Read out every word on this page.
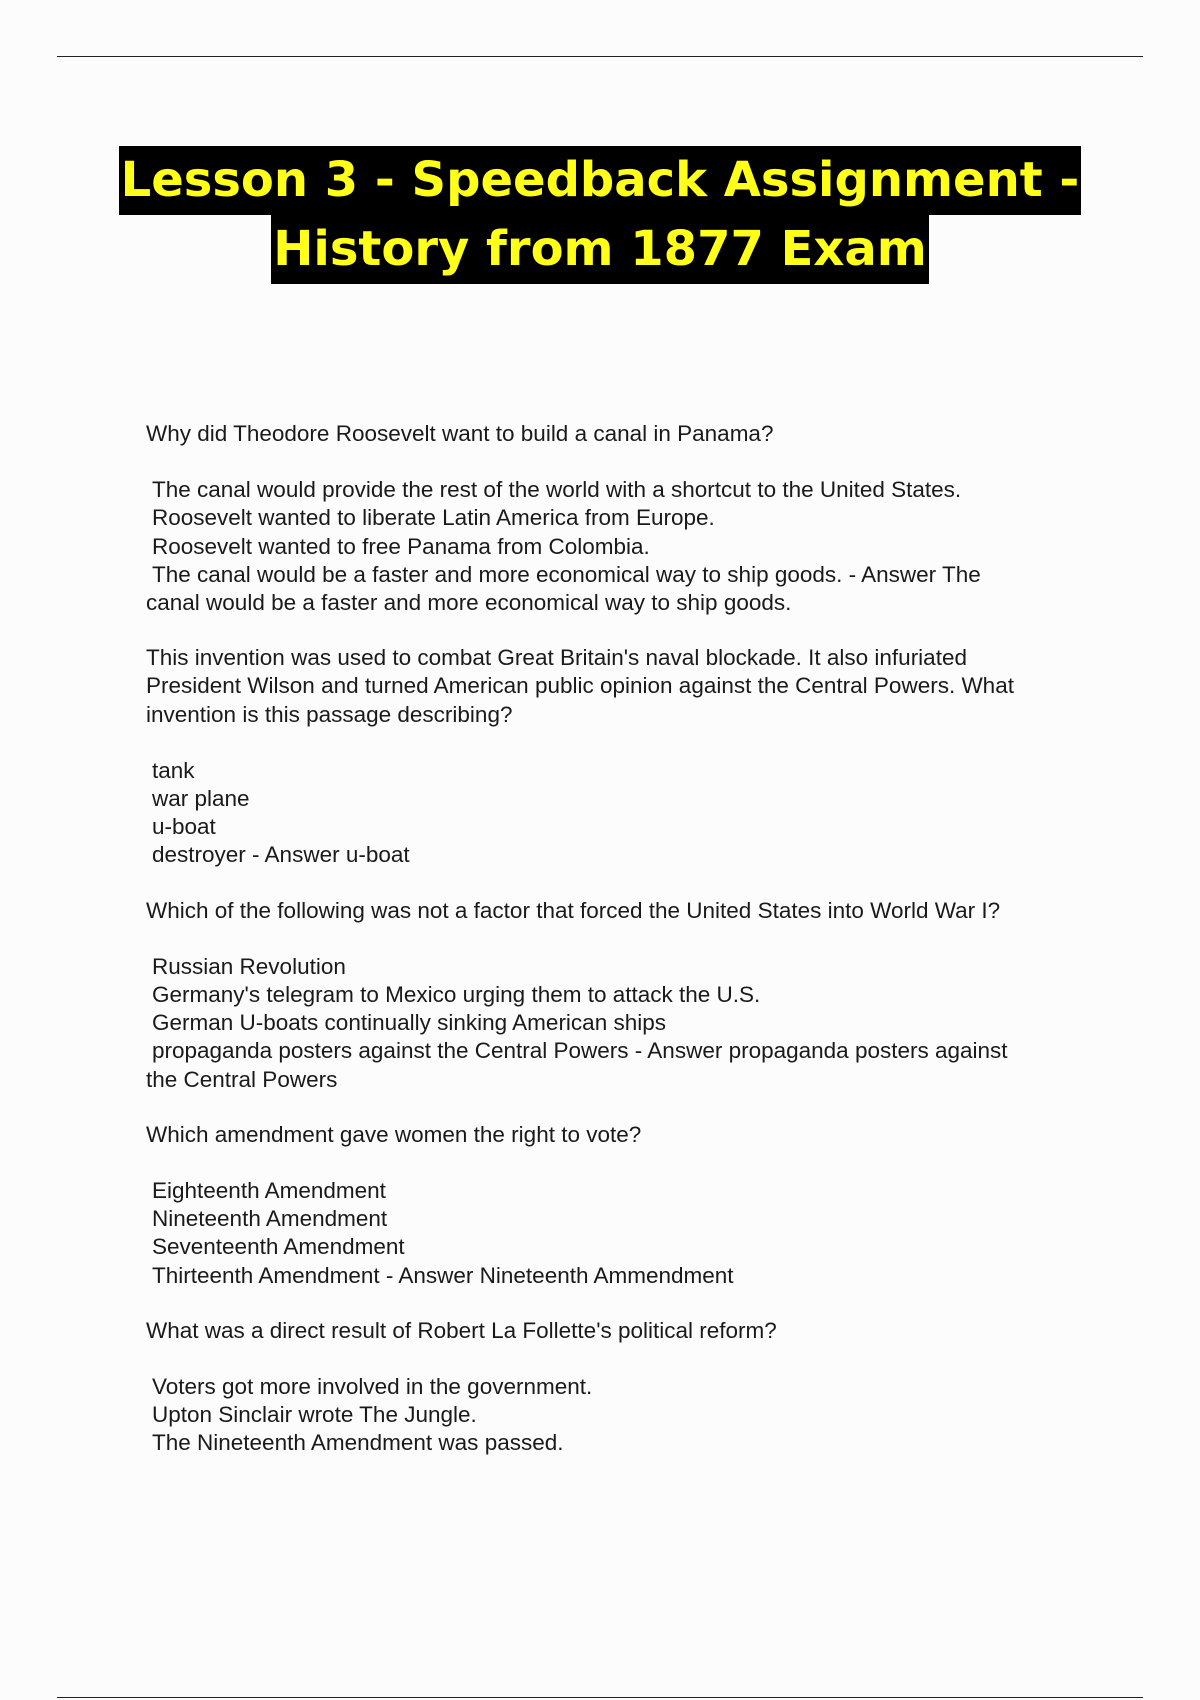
Lesson 3 - Speedback Assignment -
History from 1877 Exam

Why did Theodore Roosevelt want to build a canal in Panama?

The canal would provide the rest of the world with a shortcut to the United States.

Roosevelt wanted to liberate Latin America from Europe.

Roosevelt wanted to free Panama from Colombia.

The canal would be a faster and more economical way to ship goods. - Answer The

canal would be a faster and more economical way to ship goods.

This invention was used to combat Great Britain's naval blockade. It also infuriated

President Wilson and turned American public opinion against the Central Powers. What

invention is this passage describing?

tank

war plane

u-boat

destroyer - Answer u-boat

Which of the following was not a factor that forced the United States into World War I?

Russian Revolution

Germany's telegram to Mexico urging them to attack the U.S.

German U-boats continually sinking American ships

propaganda posters against the Central Powers - Answer propaganda posters against

the Central Powers

Which amendment gave women the right to vote?

Eighteenth Amendment

Nineteenth Amendment

Seventeenth Amendment

Thirteenth Amendment - Answer Nineteenth Ammendment

What was a direct result of Robert La Follette's political reform?

Voters got more involved in the government.

Upton Sinclair wrote The Jungle.

The Nineteenth Amendment was passed.
